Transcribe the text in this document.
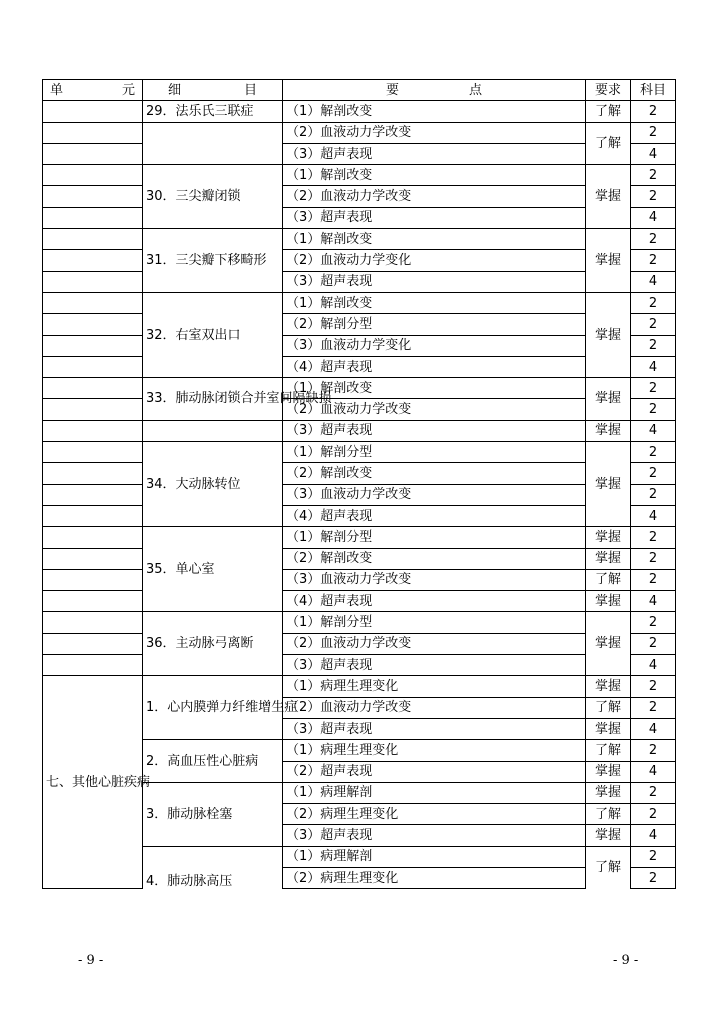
单 元	细 目	要 点	要求	科目
	29．法乐氏三联症	（1）解剖改变	了解	2
		（2）血液动力学改变	了解	2
		（3）超声表现		4
	30．三尖瓣闭锁	（1）解剖改变	掌握	2
		（2）血液动力学改变		2
		（3）超声表现		4
	31．三尖瓣下移畸形	（1）解剖改变	掌握	2
		（2）血液动力学变化		2
		（3）超声表现		4
	32．右室双出口	（1）解剖改变	掌握	2
		（2）解剖分型		2
		（3）血液动力学变化		2
		（4）超声表现		4
	33．肺动脉闭锁合并室间隔缺损	（1）解剖改变	掌握	2
		（2）血液动力学改变		2
		（3）超声表现	掌握	4
	34．大动脉转位	（1）解剖分型	掌握	2
		（2）解剖改变		2
		（3）血液动力学改变		2
		（4）超声表现		4
	35．单心室	（1）解剖分型	掌握	2
		（2）解剖改变	掌握	2
		（3）血液动力学改变	了解	2
		（4）超声表现	掌握	4
	36．主动脉弓离断	（1）解剖分型	掌握	2
		（2）血液动力学改变		2
		（3）超声表现		4
七、其他心脏疾病	1．心内膜弹力纤维增生症	（1）病理生理变化	掌握	2
		（2）血液动力学改变	了解	2
		（3）超声表现	掌握	4
	2．高血压性心脏病	（1）病理生理变化	了解	2
		（2）超声表现	掌握	4
	3．肺动脉栓塞	（1）病理解剖	掌握	2
		（2）病理生理变化	了解	2
		（3）超声表现	掌握	4
	4．肺动脉高压	（1）病理解剖	了解	2
		（2）病理生理变化		2
- 9 -	- 9 -
